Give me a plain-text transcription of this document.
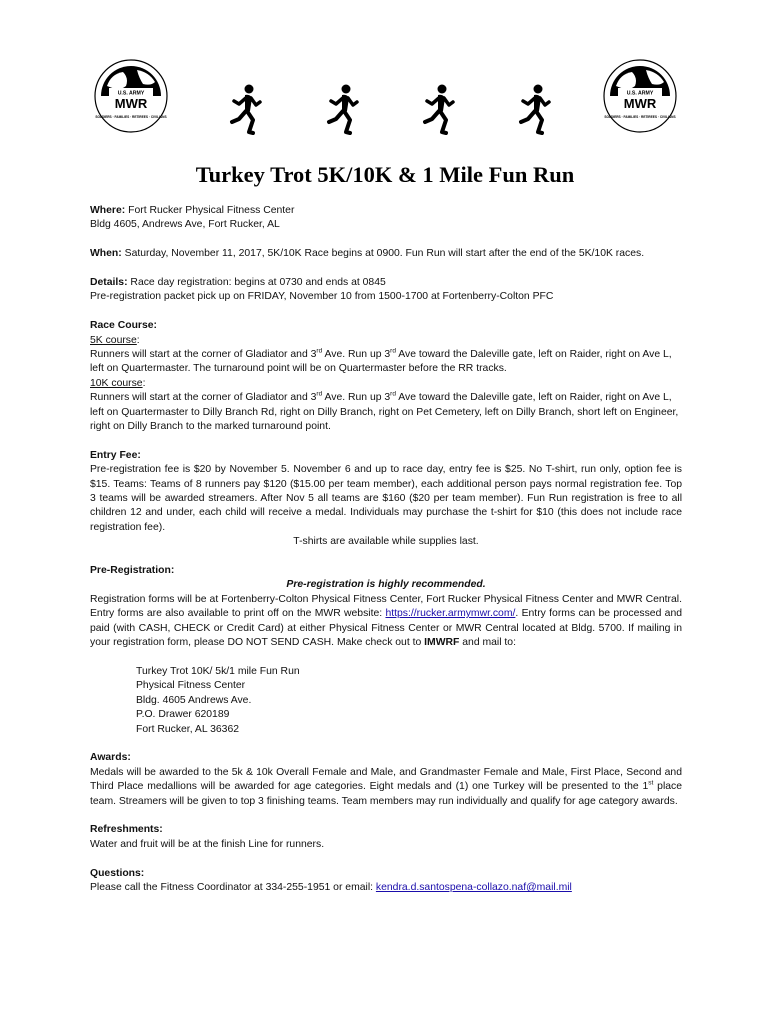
U.S. ARMY
MWR
SOLDIERS · FAMILIES · RETIREES · CIVILIANS
U.S. ARMY
MWR
SOLDIERS · FAMILIES · RETIREES · CIVILIANS
Turkey Trot 5K/10K & 1 Mile Fun Run

Where: Fort Rucker Physical Fitness Center

Bldg 4605, Andrews Ave, Fort Rucker, AL

When: Saturday, November 11, 2017, 5K/10K Race begins at 0900. Fun Run will start after the end of the 5K/10K races.

Details: Race day registration: begins at 0730 and ends at 0845

Pre-registration packet pick up on FRIDAY, November 10 from 1500-1700 at Fortenberry-Colton PFC

Race Course:

5K course:

Runners will start at the corner of Gladiator and 3rd Ave. Run up 3rd Ave toward the Daleville gate, left on Raider, right on Ave L, left on Quartermaster. The turnaround point will be on Quartermaster before the RR tracks.

10K course:

Runners will start at the corner of Gladiator and 3rd Ave. Run up 3rd Ave toward the Daleville gate, left on Raider, right on Ave L, left on Quartermaster to Dilly Branch Rd, right on Dilly Branch, right on Pet Cemetery, left on Dilly Branch, short left on Engineer, right on Dilly Branch to the marked turnaround point.

Entry Fee:

Pre-registration fee is $20 by November 5. November 6 and up to race day, entry fee is $25. No T-shirt, run only, option fee is $15. Teams: Teams of 8 runners pay $120 ($15.00 per team member), each additional person pays normal registration fee. Top 3 teams will be awarded streamers. After Nov 5 all teams are $160 ($20 per team member). Fun Run registration is free to all children 12 and under, each child will receive a medal. Individuals may purchase the t-shirt for $10 (this does not include race registration fee).

T-shirts are available while supplies last.

Pre-Registration:

Pre-registration is highly recommended.

Registration forms will be at Fortenberry-Colton Physical Fitness Center, Fort Rucker Physical Fitness Center and MWR Central. Entry forms are also available to print off on the MWR website: https://rucker.armymwr.com/. Entry forms can be processed and paid (with CASH, CHECK or Credit Card) at either Physical Fitness Center or MWR Central located at Bldg. 5700. If mailing in your registration form, please DO NOT SEND CASH. Make check out to IMWRF and mail to:

Turkey Trot 10K/ 5k/1 mile Fun Run

Physical Fitness Center

Bldg. 4605 Andrews Ave.

P.O. Drawer 620189

Fort Rucker, AL 36362

Awards:

Medals will be awarded to the 5k & 10k Overall Female and Male, and Grandmaster Female and Male, First Place, Second and Third Place medallions will be awarded for age categories. Eight medals and (1) one Turkey will be presented to the 1st place team. Streamers will be given to top 3 finishing teams. Team members may run individually and qualify for age category awards.

Refreshments:

Water and fruit will be at the finish Line for runners.

Questions:

Please call the Fitness Coordinator at 334-255-1951 or email: kendra.d.santospena-collazo.naf@mail.mil
